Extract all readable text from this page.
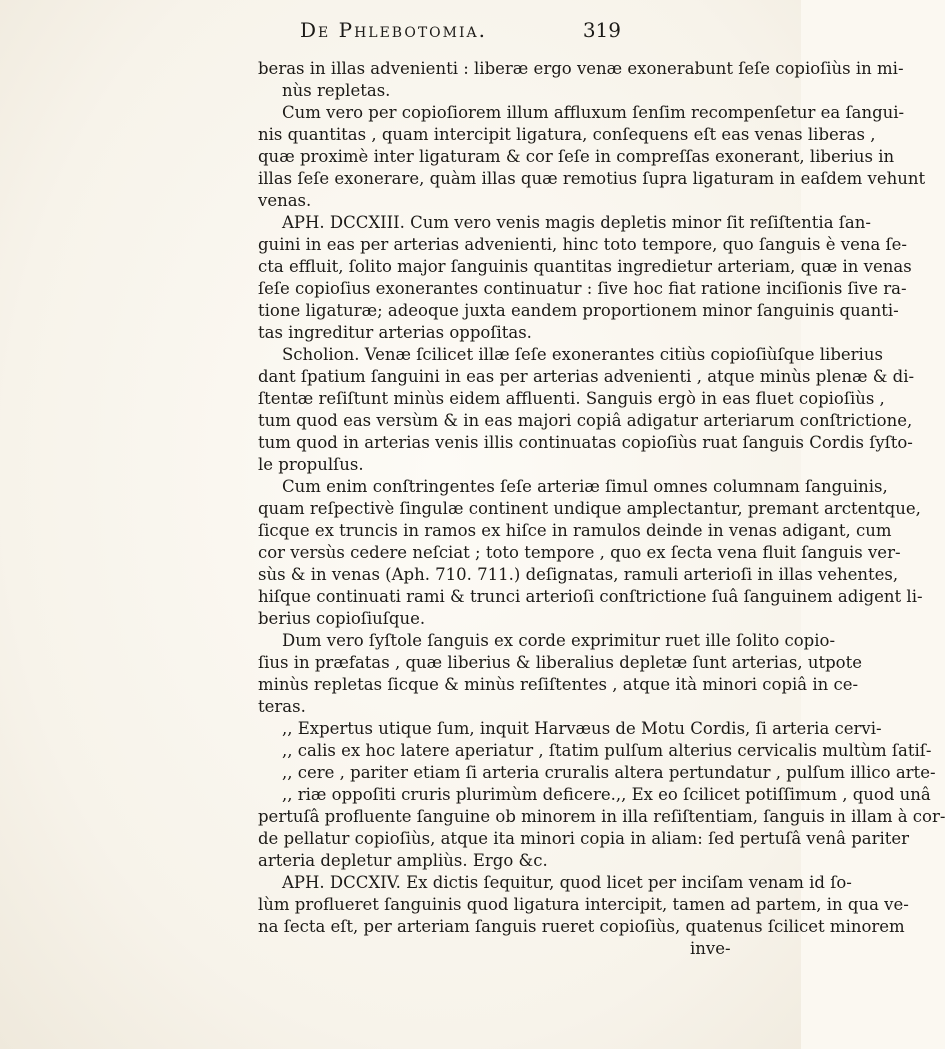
De Phlebotomia.	319
beras in illas advenienti : liberæ ergo venæ exonerabunt ſeſe copioſiùs in mi-
nùs repletas.
Cum vero per copioſiorem illum affluxum ſenſim recompenſetur ea ſangui-
nis quantitas , quam intercipit ligatura, conſequens eſt eas venas liberas ,
quæ proximè inter ligaturam & cor ſeſe in compreſſas exonerant, liberius in
illas ſeſe exonerare, quàm illas quæ remotius ſupra ligaturam in eaſdem vehunt
venas.
APH. DCCXIII. Cum vero venis magis depletis minor ſit reſiſtentia ſan-
guini in eas per arterias advenienti, hinc toto tempore, quo ſanguis è vena ſe-
cta effluit, ſolito major ſanguinis quantitas ingredietur arteriam, quæ in venas
ſeſe copioſius exonerantes continuatur : ſive hoc fiat ratione inciſionis ſive ra-
tione ligaturæ; adeoque juxta eandem proportionem minor ſanguinis quanti-
tas ingreditur arterias oppoſitas.
Scholion. Venæ ſcilicet illæ ſeſe exonerantes citiùs copioſiùſque liberius
dant ſpatium ſanguini in eas per arterias advenienti , atque minùs plenæ & di-
ſtentæ reſiſtunt minùs eidem affluenti. Sanguis ergò in eas fluet copioſiùs ,
tum quod eas versùm & in eas majori copiâ adigatur arteriarum conſtrictione,
tum quod in arterias venis illis continuatas copioſiùs ruat ſanguis Cordis ſyſto-
le propulſus.
Cum enim conſtringentes ſeſe arteriæ ſimul omnes columnam ſanguinis,
quam reſpectivè ſingulæ continent undique amplectantur, premant arctentque,
ſicque ex truncis in ramos ex hiſce in ramulos deinde in venas adigant, cum
cor versùs cedere neſciat ; toto tempore , quo ex ſecta vena fluit ſanguis ver-
sùs & in venas (Aph. 710. 711.) deſignatas, ramuli arterioſi in illas vehentes,
hiſque continuati rami & trunci arterioſi conſtrictione ſuâ ſanguinem adigent li-
berius copioſiuſque.
Dum vero ſyſtole ſanguis ex corde exprimitur ruet ille ſolito copio-
ſius in præfatas , quæ liberius & liberalius depletæ ſunt arterias, utpote
minùs repletas ſicque & minùs reſiſtentes , atque ità minori copiâ in ce-
teras.
,, Expertus utique ſum, inquit Harvæus de Motu Cordis, ſi arteria cervi-
,, calis ex hoc latere aperiatur , ſtatim pulſum alterius cervicalis multùm ſatiſ-
,, cere , pariter etiam ſi arteria cruralis altera pertundatur , pulſum illico arte-
,, riæ oppoſiti cruris plurimùm deficere.,, Ex eo ſcilicet potiſſimum , quod unâ
pertuſâ profluente ſanguine ob minorem in illa reſiſtentiam, ſanguis in illam à cor-
de pellatur copioſiùs, atque ita minori copia in aliam: ſed pertuſâ venâ pariter
arteria depletur ampliùs. Ergo &c.
APH. DCCXIV. Ex dictis ſequitur, quod licet per inciſam venam id ſo-
lùm proflueret ſanguinis quod ligatura intercipit, tamen ad partem, in qua ve-
na ſecta eſt, per arteriam ſanguis rueret copioſiùs, quatenus ſcilicet minorem
inve-
